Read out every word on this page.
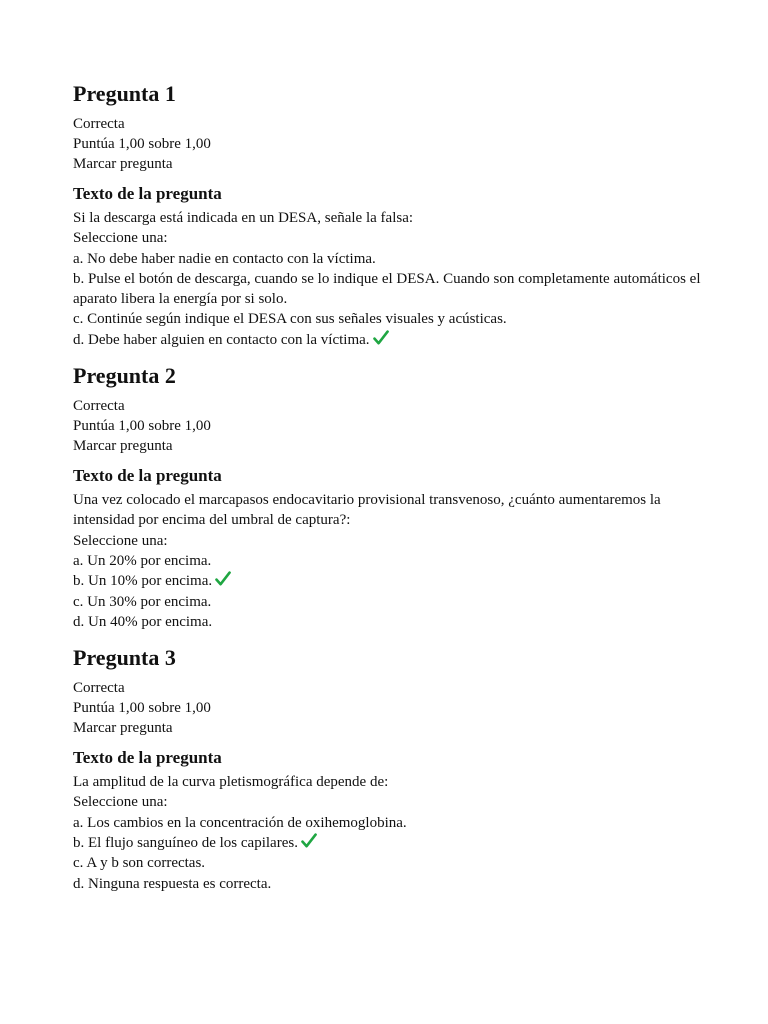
Pregunta 1
Correcta
Puntúa 1,00 sobre 1,00
Marcar pregunta
Texto de la pregunta
Si la descarga está indicada en un DESA, señale la falsa:
Seleccione una:
a. No debe haber nadie en contacto con la víctima.
b. Pulse el botón de descarga, cuando se lo indique el DESA. Cuando son completamente automáticos el aparato libera la energía por si solo.
c. Continúe según indique el DESA con sus señales visuales y acústicas.
d. Debe haber alguien en contacto con la víctima.
Pregunta 2
Correcta
Puntúa 1,00 sobre 1,00
Marcar pregunta
Texto de la pregunta
Una vez colocado el marcapasos endocavitario provisional transvenoso, ¿cuánto aumentaremos la intensidad por encima del umbral de captura?:
Seleccione una:
a. Un 20% por encima.
b. Un 10% por encima.
c. Un 30% por encima.
d. Un 40% por encima.
Pregunta 3
Correcta
Puntúa 1,00 sobre 1,00
Marcar pregunta
Texto de la pregunta
La amplitud de la curva pletismográfica depende de:
Seleccione una:
a. Los cambios en la concentración de oxihemoglobina.
b. El flujo sanguíneo de los capilares.
c. A y b son correctas.
d. Ninguna respuesta es correcta.
